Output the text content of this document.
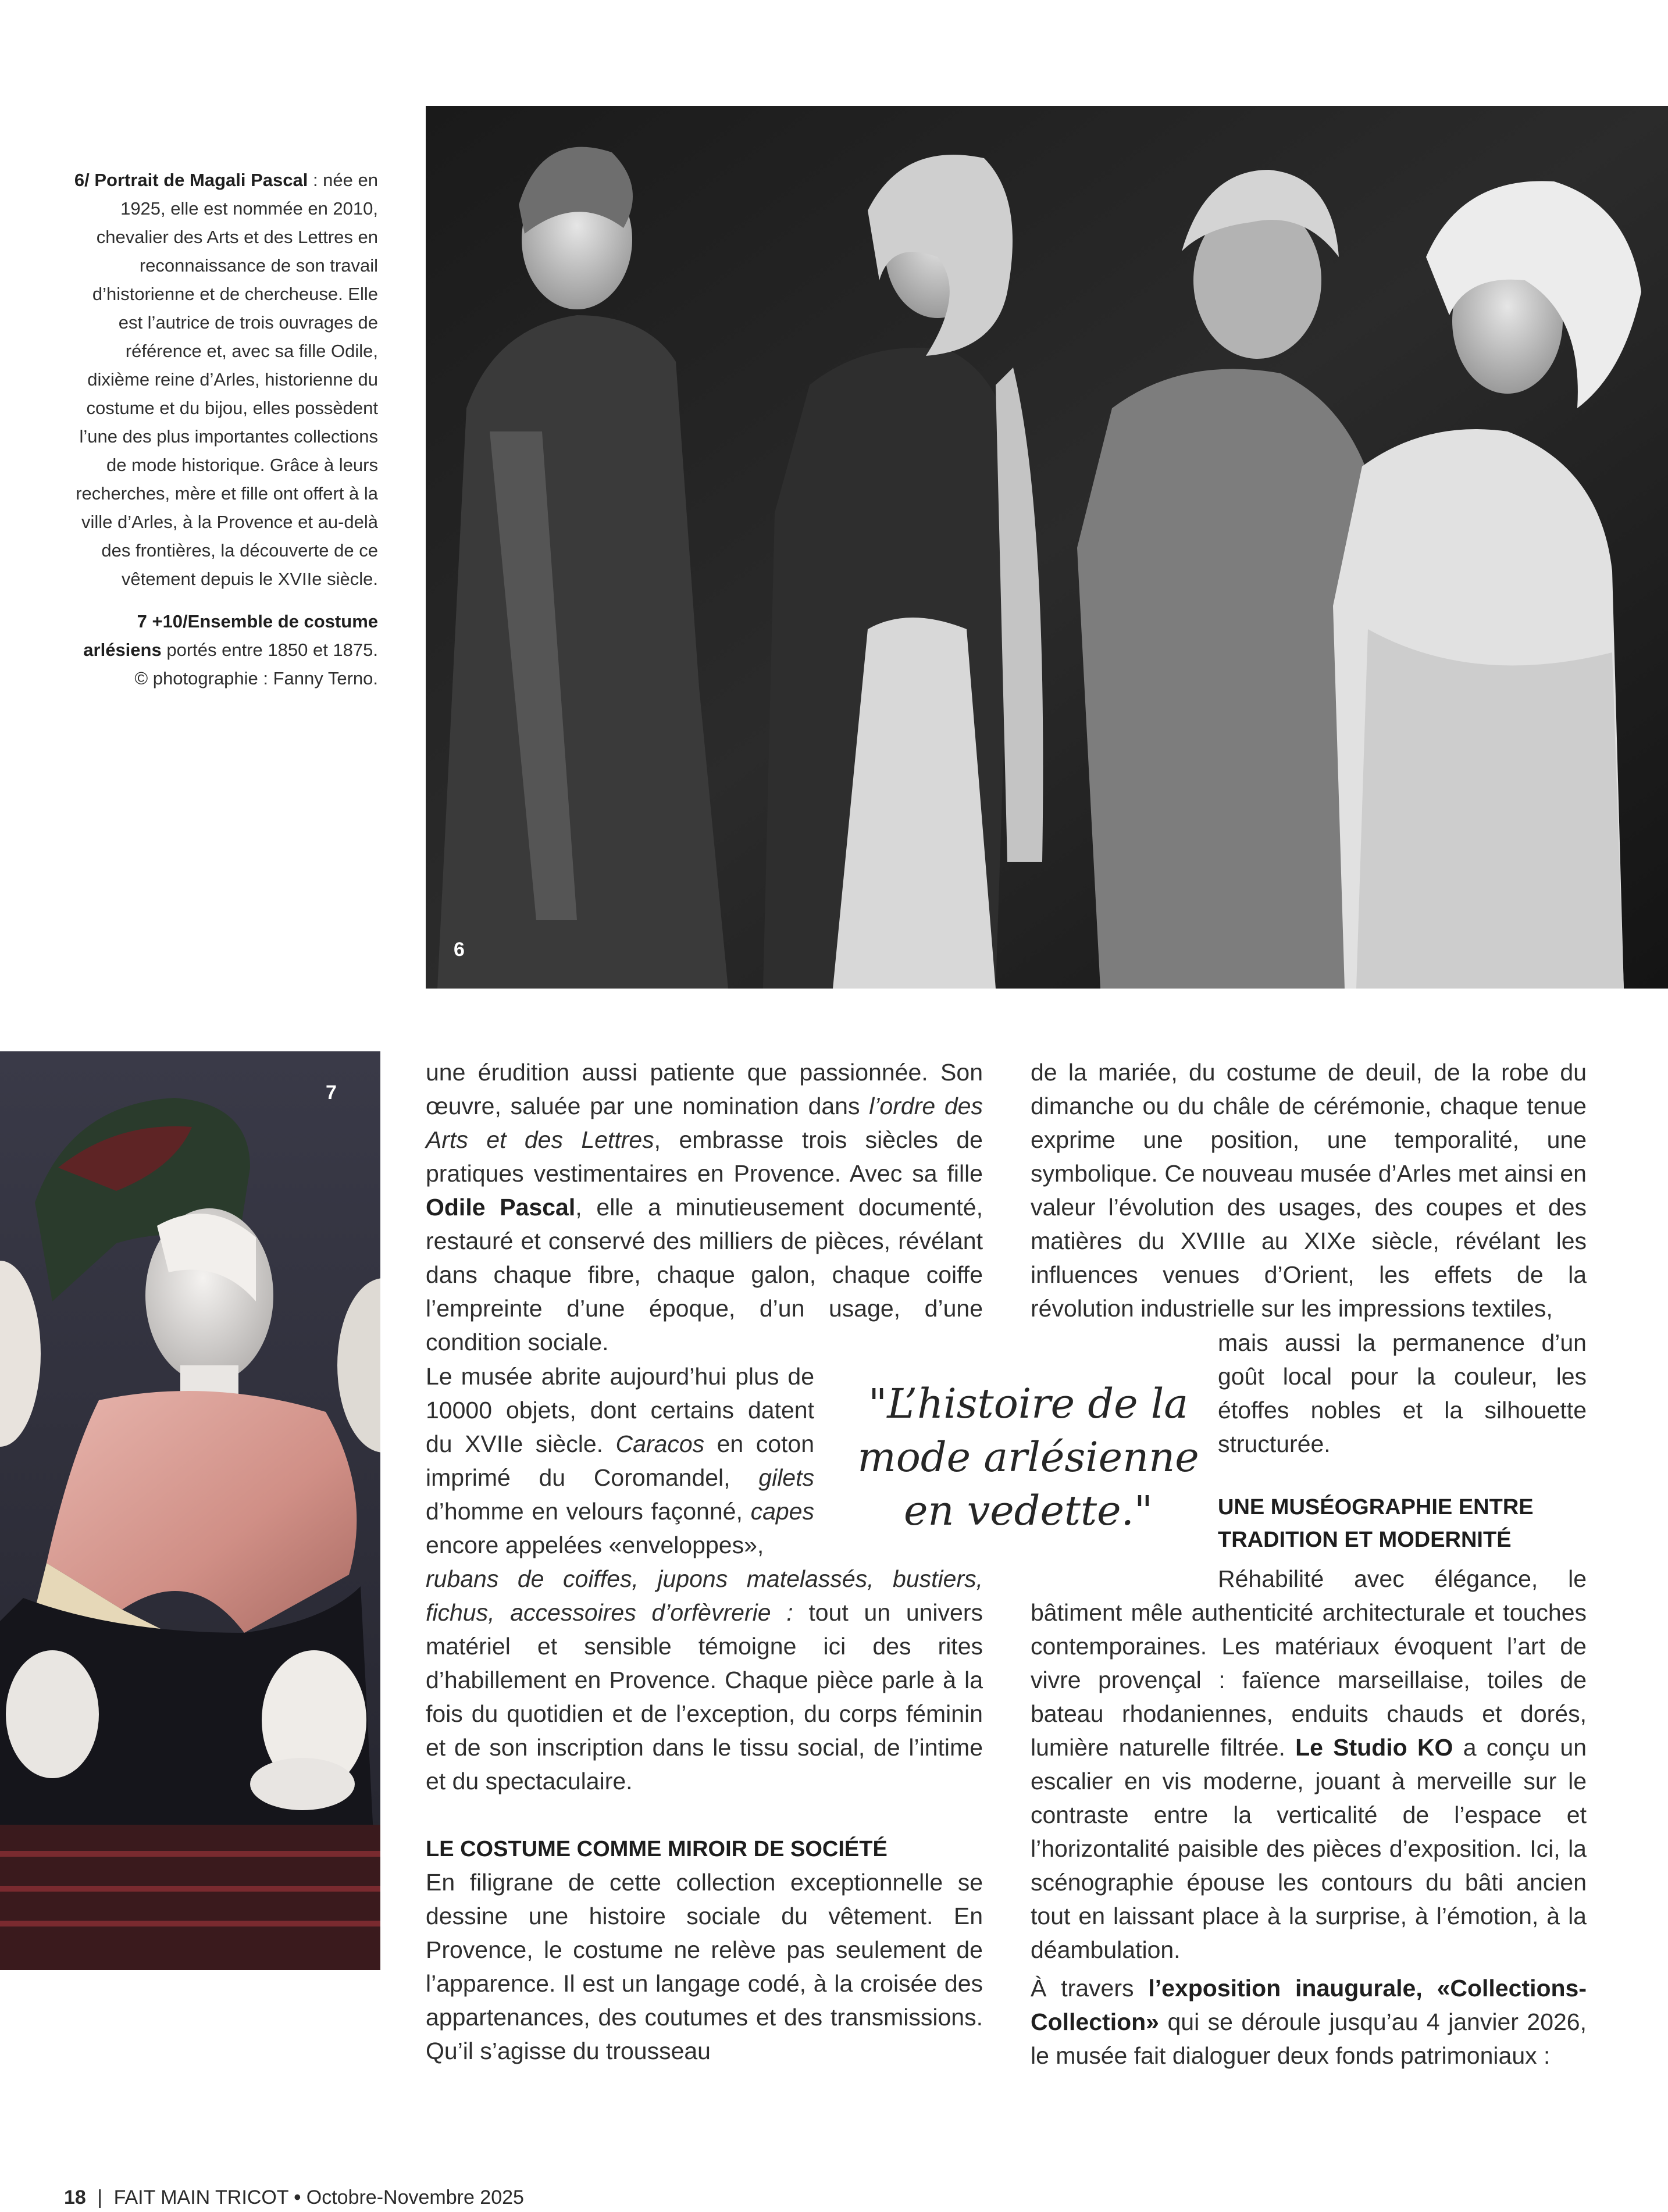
6/ Portrait de Magali Pascal : née en 1925, elle est nommée en 2010, chevalier des Arts et des Lettres en reconnaissance de son travail d’historienne et de chercheuse. Elle est l’autrice de trois ouvrages de référence et, avec sa fille Odile, dixième reine d’Arles, historienne du costume et du bijou, elles possèdent l’une des plus importantes collections de mode historique. Grâce à leurs recherches, mère et fille ont offert à la ville d’Arles, à la Provence et au-delà des frontières, la découverte de ce vêtement depuis le XVIIe siècle.

7 +10/Ensemble de costume arlésiens portés entre 1850 et 1875. © photographie : Fanny Terno.

6
7

une érudition aussi patiente que passionnée. Son œuvre, saluée par une nomination dans l’ordre des Arts et des Lettres, embrasse trois siècles de pratiques vestimentaires en Provence. Avec sa fille Odile Pascal, elle a minutieusement documenté, restauré et conservé des milliers de pièces, révélant dans chaque fibre, chaque galon, chaque coiffe l’empreinte d’une époque, d’un usage, d’une condition sociale.

Le musée abrite aujourd’hui plus de 10000 objets, dont certains datent du XVIIe siècle. Caracos en coton imprimé du Coromandel, gilets d’homme en velours façonné, capes encore appelées «enveloppes»,

rubans de coiffes, jupons matelassés, bustiers, fichus, accessoires d’orfèvrerie : tout un univers matériel et sensible témoigne ici des rites d’habillement en Provence. Chaque pièce parle à la fois du quotidien et de l’exception, du corps féminin et de son inscription dans le tissu social, de l’intime et du spectaculaire.

LE COSTUME COMME MIROIR DE SOCIÉTÉ

En filigrane de cette collection exceptionnelle se dessine une histoire sociale du vêtement. En Provence, le costume ne relève pas seulement de l’apparence. Il est un langage codé, à la croisée des appartenances, des coutumes et des transmissions. Qu’il s’agisse du trousseau

"L’histoire de la mode arlésienne en vedette."

de la mariée, du costume de deuil, de la robe du dimanche ou du châle de cérémonie, chaque tenue exprime une position, une temporalité, une symbolique. Ce nouveau musée d’Arles met ainsi en valeur l’évolution des usages, des coupes et des matières du XVIIIe au XIXe siècle, révélant les influences venues d’Orient, les effets de la révolution industrielle sur les impressions textiles,

mais aussi la permanence d’un goût local pour la couleur, les étoffes nobles et la silhouette structurée.

UNE MUSÉOGRAPHIE ENTRE TRADITION ET MODERNITÉ

Réhabilité avec élégance, le bâtiment mêle authenticité architecturale et touches contemporaines. Les matériaux évoquent l’art de vivre provençal : faïence marseillaise, toiles de bateau rhodaniennes, enduits chauds et dorés, lumière naturelle filtrée. Le Studio KO a conçu un escalier en vis moderne, jouant à merveille sur le contraste entre la verticalité de l’espace et l’horizontalité paisible des pièces d’exposition. Ici, la scénographie épouse les contours du bâti ancien tout en laissant place à la surprise, à l’émotion, à la déambulation.

À travers l’exposition inaugurale, «Collections-Collection» qui se déroule jusqu’au 4 janvier 2026, le musée fait dialoguer deux fonds patrimoniaux :

18 | FAIT MAIN TRICOT • Octobre-Novembre 2025
